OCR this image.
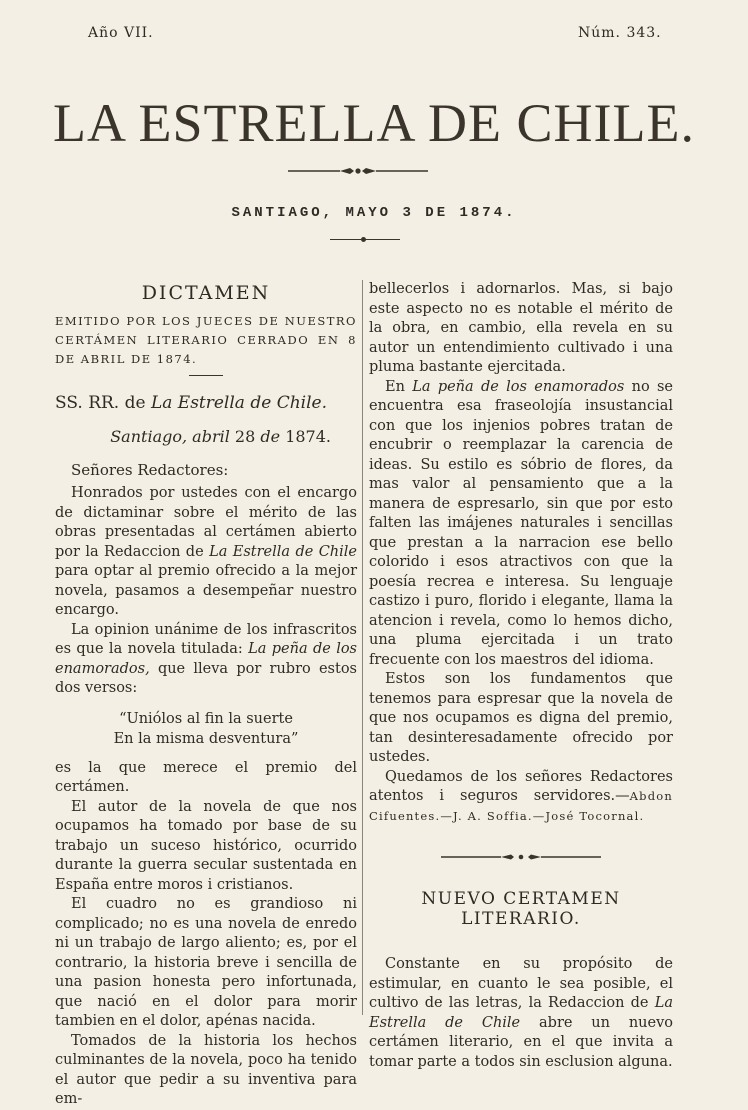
Año VII.	Núm. 343.
LA ESTRELLA DE CHILE.
SANTIAGO, MAYO 3 DE 1874.
DICTAMEN
EMITIDO POR LOS JUECES DE NUESTRO CERTÁMEN LITERARIO CERRADO EN 8 DE ABRIL DE 1874.
SS. RR. de La Estrella de Chile.
Santiago, abril 28 de 1874.
Señores Redactores:

Honrados por ustedes con el encargo de dictaminar sobre el mérito de las obras presentadas al certámen abierto por la Redaccion de La Estrella de Chile para optar al premio ofrecido a la mejor novela, pasamos a desempeñar nuestro encargo.

La opinion unánime de los infrascritos es que la novela titulada: La peña de los enamorados, que lleva por rubro estos dos versos:

“Uniólos al fin la suerte
En la misma desventura”

es la que merece el premio del certámen.

El autor de la novela de que nos ocupamos ha tomado por base de su trabajo un suceso histórico, ocurrido durante la guerra secular sustentada en España entre moros i cristianos.

El cuadro no es grandioso ni complicado; no es una novela de enredo ni un trabajo de largo aliento; es, por el contrario, la historia breve i sencilla de una pasion honesta pero infortunada, que nació en el dolor para morir tambien en el dolor, apénas nacida.

Tomados de la historia los hechos culminantes de la novela, poco ha tenido el autor que pedir a su inventiva para em-

bellecerlos i adornarlos. Mas, si bajo este aspecto no es notable el mérito de la obra, en cambio, ella revela en su autor un entendimiento cultivado i una pluma bastante ejercitada.

En La peña de los enamorados no se encuentra esa fraseolojía insustancial con que los injenios pobres tratan de encubrir o reemplazar la carencia de ideas. Su estilo es sóbrio de flores, da mas valor al pensamiento que a la manera de espresarlo, sin que por esto falten las imájenes naturales i sencillas que prestan a la narracion ese bello colorido i esos atractivos con que la poesía recrea e interesa. Su lenguaje castizo i puro, florido i elegante, llama la atencion i revela, como lo hemos dicho, una pluma ejercitada i un trato frecuente con los maestros del idioma.

Estos son los fundamentos que tenemos para espresar que la novela de que nos ocupamos es digna del premio, tan desinteresadamente ofrecido por ustedes.

Quedamos de los señores Redactores atentos i seguros servidores.—Abdon Cifuentes.—J. A. Soffia.—José Tocornal.

NUEVO CERTAMEN LITERARIO.

Constante en su propósito de estimular, en cuanto le sea posible, el cultivo de las letras, la Redaccion de La Estrella de Chile abre un nuevo certámen literario, en el que invita a tomar parte a todos sin esclusion alguna.
